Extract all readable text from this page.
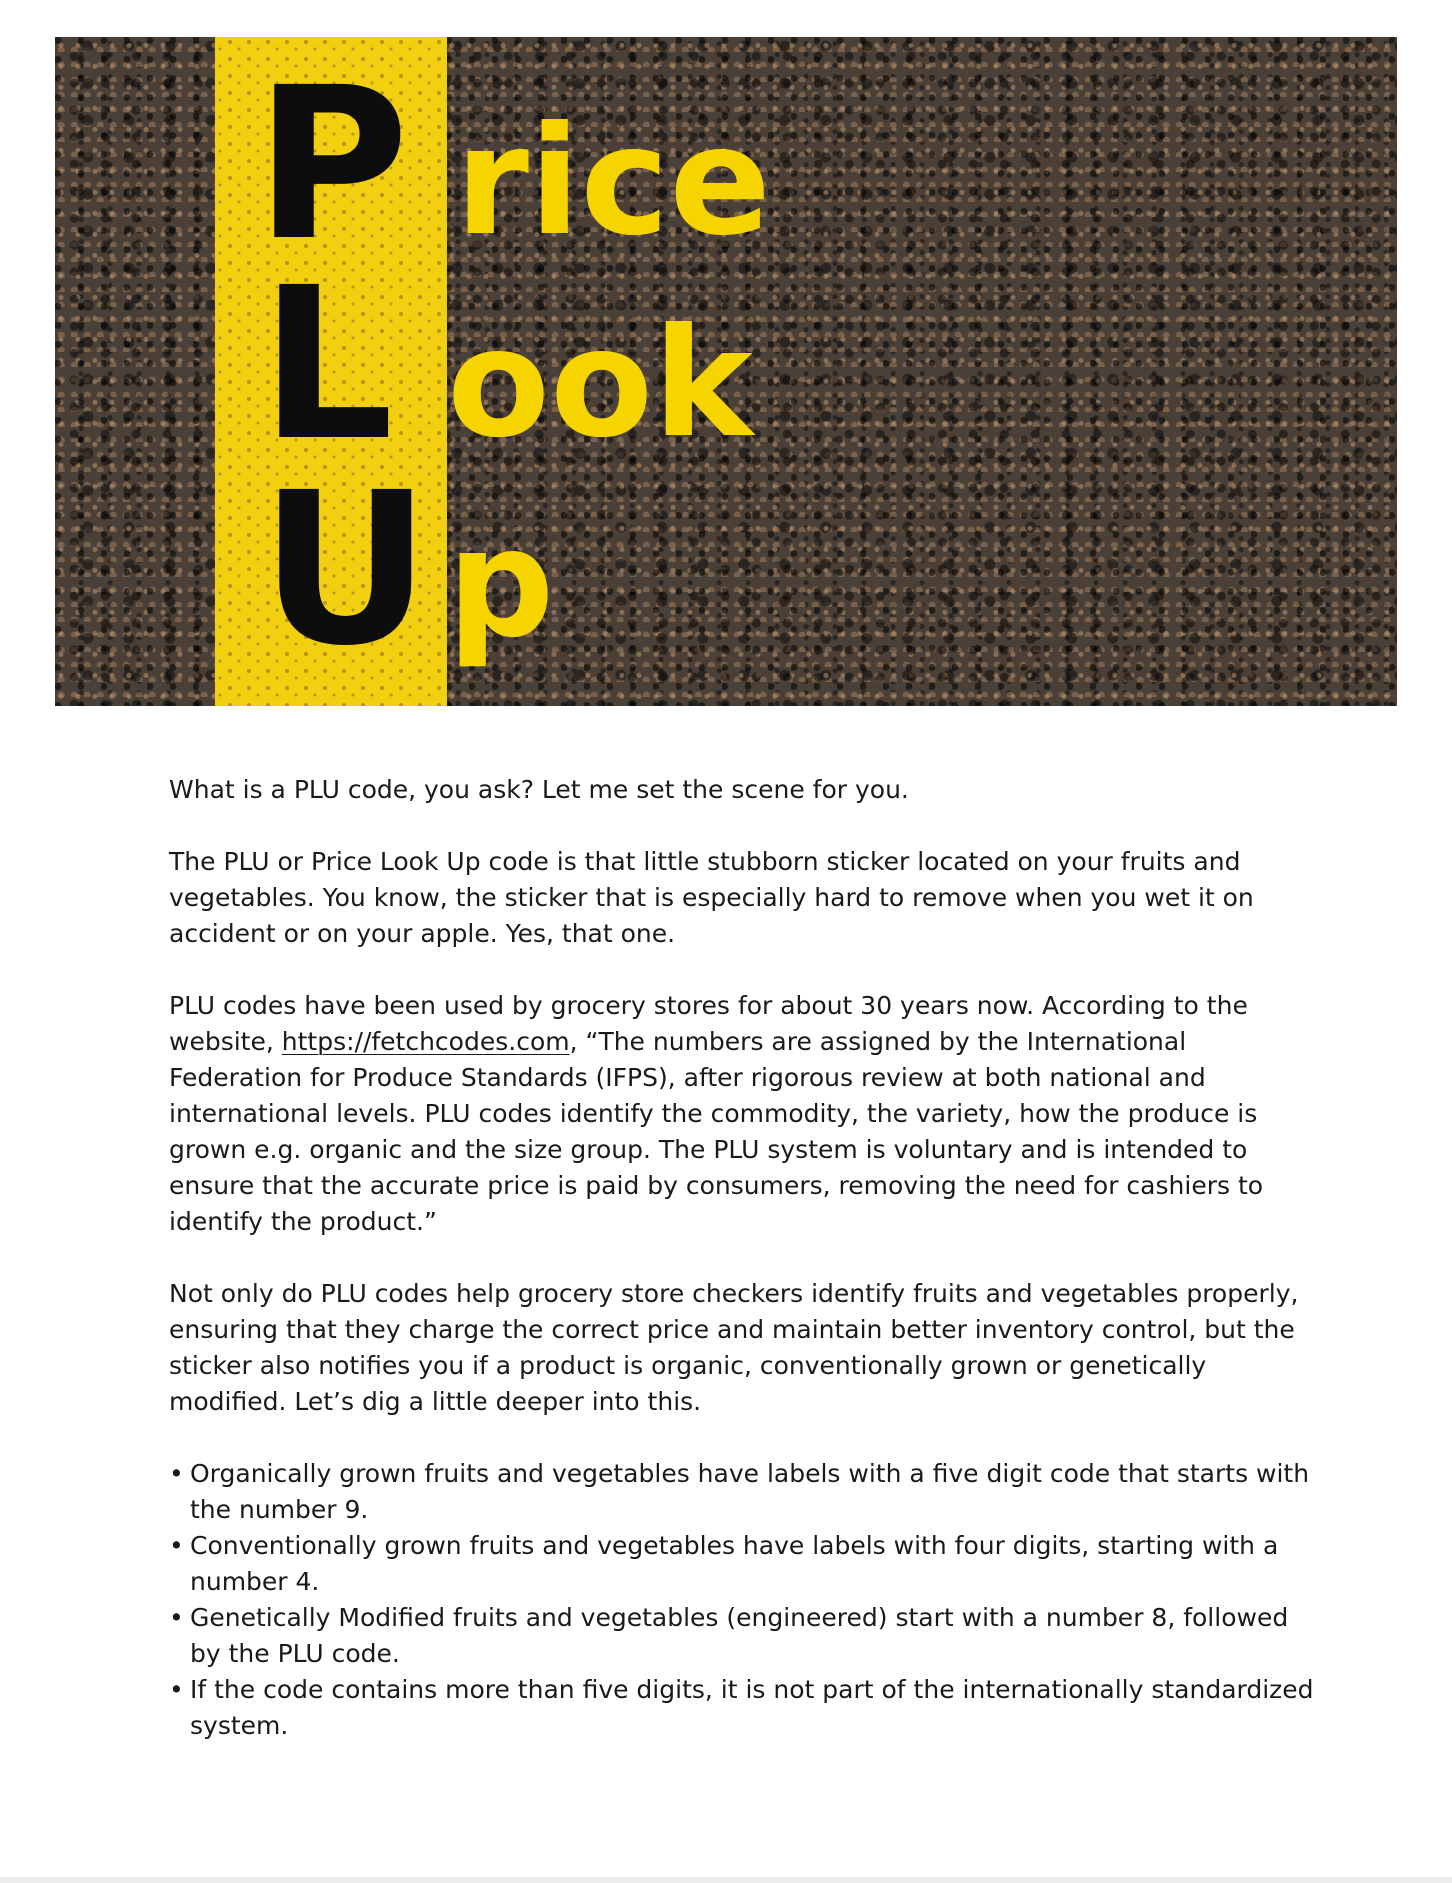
P rice
L ook
U p

What is a PLU code, you ask? Let me set the scene for you.

The PLU or Price Look Up code is that little stubborn sticker located on your fruits and vegetables. You know, the sticker that is especially hard to remove when you wet it on accident or on your apple. Yes, that one.

PLU codes have been used by grocery stores for about 30 years now. According to the website, https://fetchcodes.com, “The numbers are assigned by the International Federation for Produce Standards (IFPS), after rigorous review at both national and international levels. PLU codes identify the commodity, the variety, how the produce is grown e.g. organic and the size group. The PLU system is voluntary and is intended to ensure that the accurate price is paid by consumers, removing the need for cashiers to identify the product.”

Not only do PLU codes help grocery store checkers identify fruits and vegetables properly, ensuring that they charge the correct price and maintain better inventory control, but the sticker also notifies you if a product is organic, conventionally grown or genetically modified. Let’s dig a little deeper into this.

• Organically grown fruits and vegetables have labels with a five digit code that starts with the number 9.
• Conventionally grown fruits and vegetables have labels with four digits, starting with a number 4.
• Genetically Modified fruits and vegetables (engineered) start with a number 8, followed by the PLU code.
• If the code contains more than five digits, it is not part of the internationally standardized system.
